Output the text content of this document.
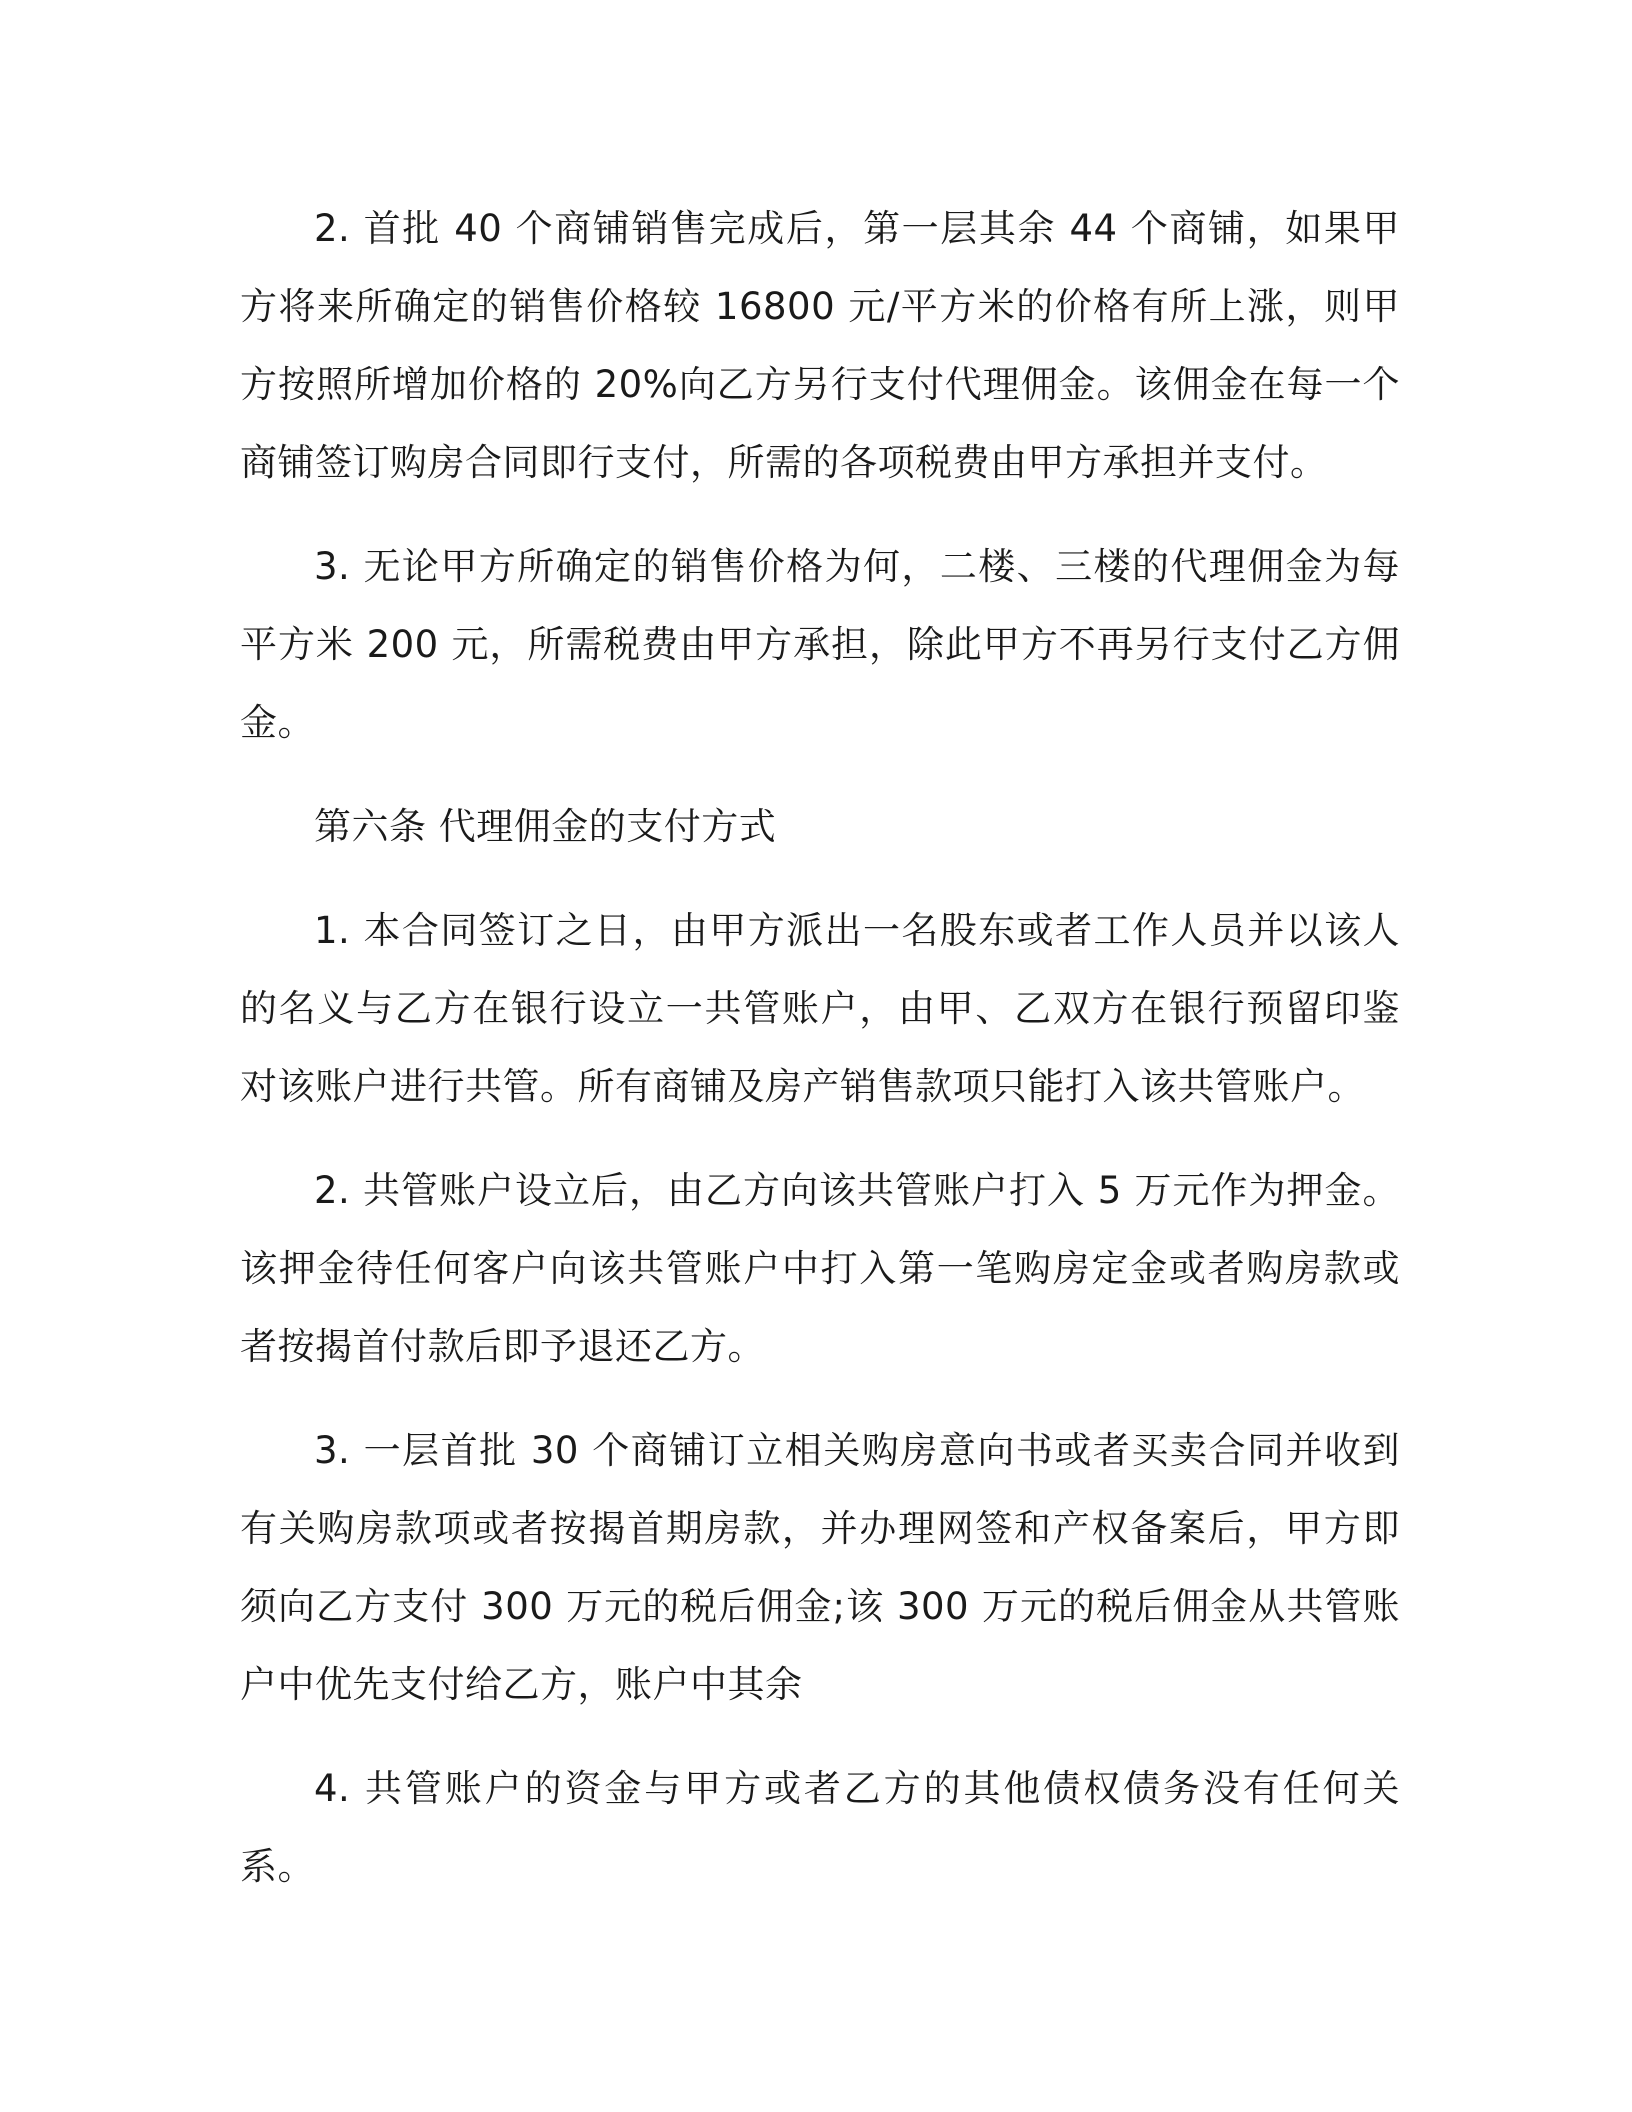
2. 首批 40 个商铺销售完成后，第一层其余 44 个商铺，如果甲方将来所确定的销售价格较 16800 元/平方米的价格有所上涨，则甲方按照所增加价格的 20%向乙方另行支付代理佣金。该佣金在每一个商铺签订购房合同即行支付，所需的各项税费由甲方承担并支付。

3. 无论甲方所确定的销售价格为何，二楼、三楼的代理佣金为每平方米 200 元，所需税费由甲方承担，除此甲方不再另行支付乙方佣金。

第六条 代理佣金的支付方式

1. 本合同签订之日，由甲方派出一名股东或者工作人员并以该人的名义与乙方在银行设立一共管账户，由甲、乙双方在银行预留印鉴对该账户进行共管。所有商铺及房产销售款项只能打入该共管账户。

2. 共管账户设立后，由乙方向该共管账户打入 5 万元作为押金。该押金待任何客户向该共管账户中打入第一笔购房定金或者购房款或者按揭首付款后即予退还乙方。

3. 一层首批 30 个商铺订立相关购房意向书或者买卖合同并收到有关购房款项或者按揭首期房款，并办理网签和产权备案后，甲方即须向乙方支付 300 万元的税后佣金;该 300 万元的税后佣金从共管账户中优先支付给乙方，账户中其余

4. 共管账户的资金与甲方或者乙方的其他债权债务没有任何关系。
